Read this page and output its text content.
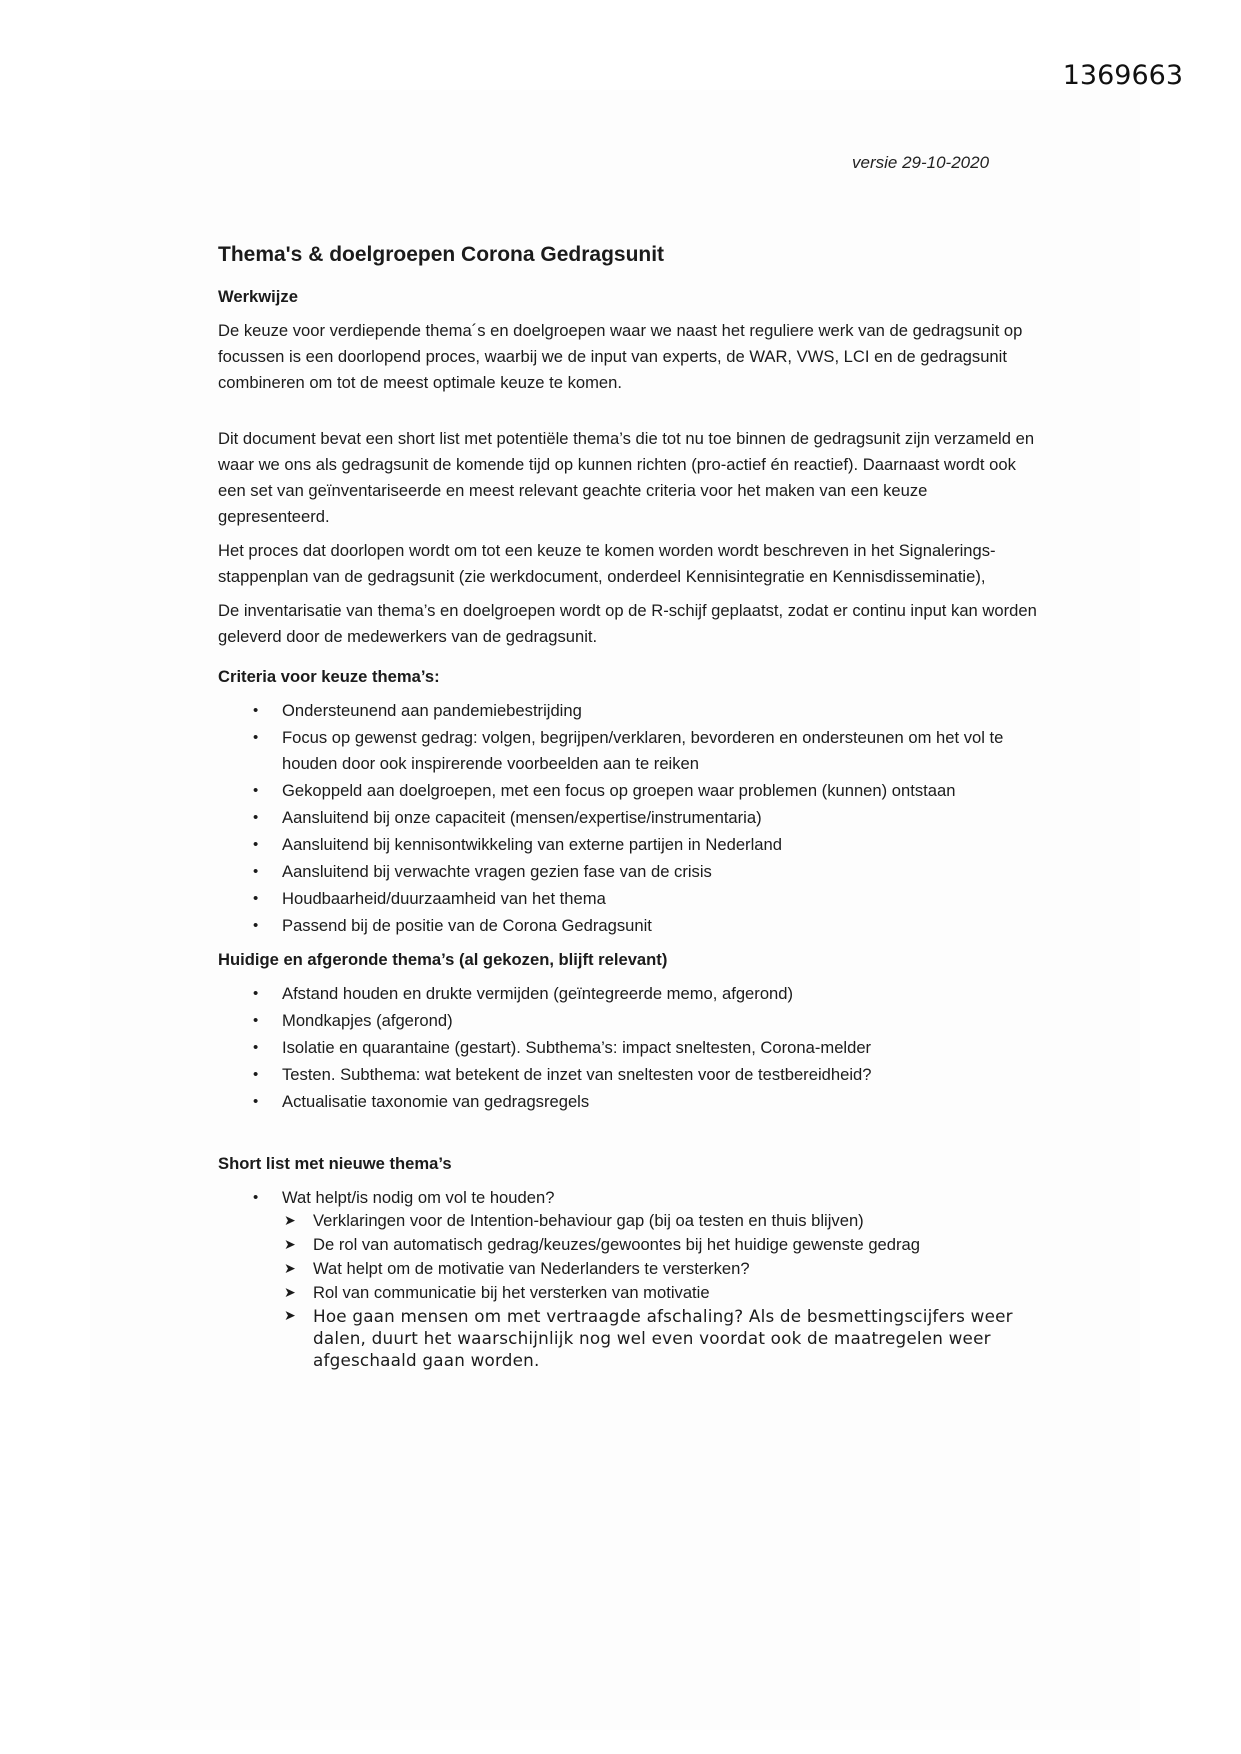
1369663
versie 29-10-2020
Thema's & doelgroepen Corona Gedragsunit

Werkwijze

De keuze voor verdiepende thema´s en doelgroepen waar we naast het reguliere werk van de gedragsunit op focussen is een doorlopend proces, waarbij we de input van experts, de WAR, VWS, LCI en de gedragsunit combineren om tot de meest optimale keuze te komen.

Dit document bevat een short list met potentiële thema’s die tot nu toe binnen de gedragsunit zijn verzameld en waar we ons als gedragsunit de komende tijd op kunnen richten (pro-actief én reactief). Daarnaast wordt ook een set van geïnventariseerde en meest relevant geachte criteria voor het maken van een keuze gepresenteerd.

Het proces dat doorlopen wordt om tot een keuze te komen worden wordt beschreven in het Signalerings-stappenplan van de gedragsunit (zie werkdocument, onderdeel Kennisintegratie en Kennisdisseminatie),

De inventarisatie van thema’s en doelgroepen wordt op de R-schijf geplaatst, zodat er continu input kan worden geleverd door de medewerkers van de gedragsunit.

Criteria voor keuze thema’s:

• Ondersteunend aan pandemiebestrijding
• Focus op gewenst gedrag: volgen, begrijpen/verklaren, bevorderen en ondersteunen om het vol te houden door ook inspirerende voorbeelden aan te reiken
• Gekoppeld aan doelgroepen, met een focus op groepen waar problemen (kunnen) ontstaan
• Aansluitend bij onze capaciteit (mensen/expertise/instrumentaria)
• Aansluitend bij kennisontwikkeling van externe partijen in Nederland
• Aansluitend bij verwachte vragen gezien fase van de crisis
• Houdbaarheid/duurzaamheid van het thema
• Passend bij de positie van de Corona Gedragsunit

Huidige en afgeronde thema’s (al gekozen, blijft relevant)

• Afstand houden en drukte vermijden (geïntegreerde memo, afgerond)
• Mondkapjes (afgerond)
• Isolatie en quarantaine (gestart). Subthema’s: impact sneltesten, Corona-melder
• Testen. Subthema: wat betekent de inzet van sneltesten voor de testbereidheid?
• Actualisatie taxonomie van gedragsregels

Short list met nieuwe thema’s

• Wat helpt/is nodig om vol te houden?
➤ Verklaringen voor de Intention-behaviour gap (bij oa testen en thuis blijven)
➤ De rol van automatisch gedrag/keuzes/gewoontes bij het huidige gewenste gedrag
➤ Wat helpt om de motivatie van Nederlanders te versterken?
➤ Rol van communicatie bij het versterken van motivatie
➤ Hoe gaan mensen om met vertraagde afschaling? Als de besmettingscijfers weer dalen, duurt het waarschijnlijk nog wel even voordat ook de maatregelen weer afgeschaald gaan worden.
